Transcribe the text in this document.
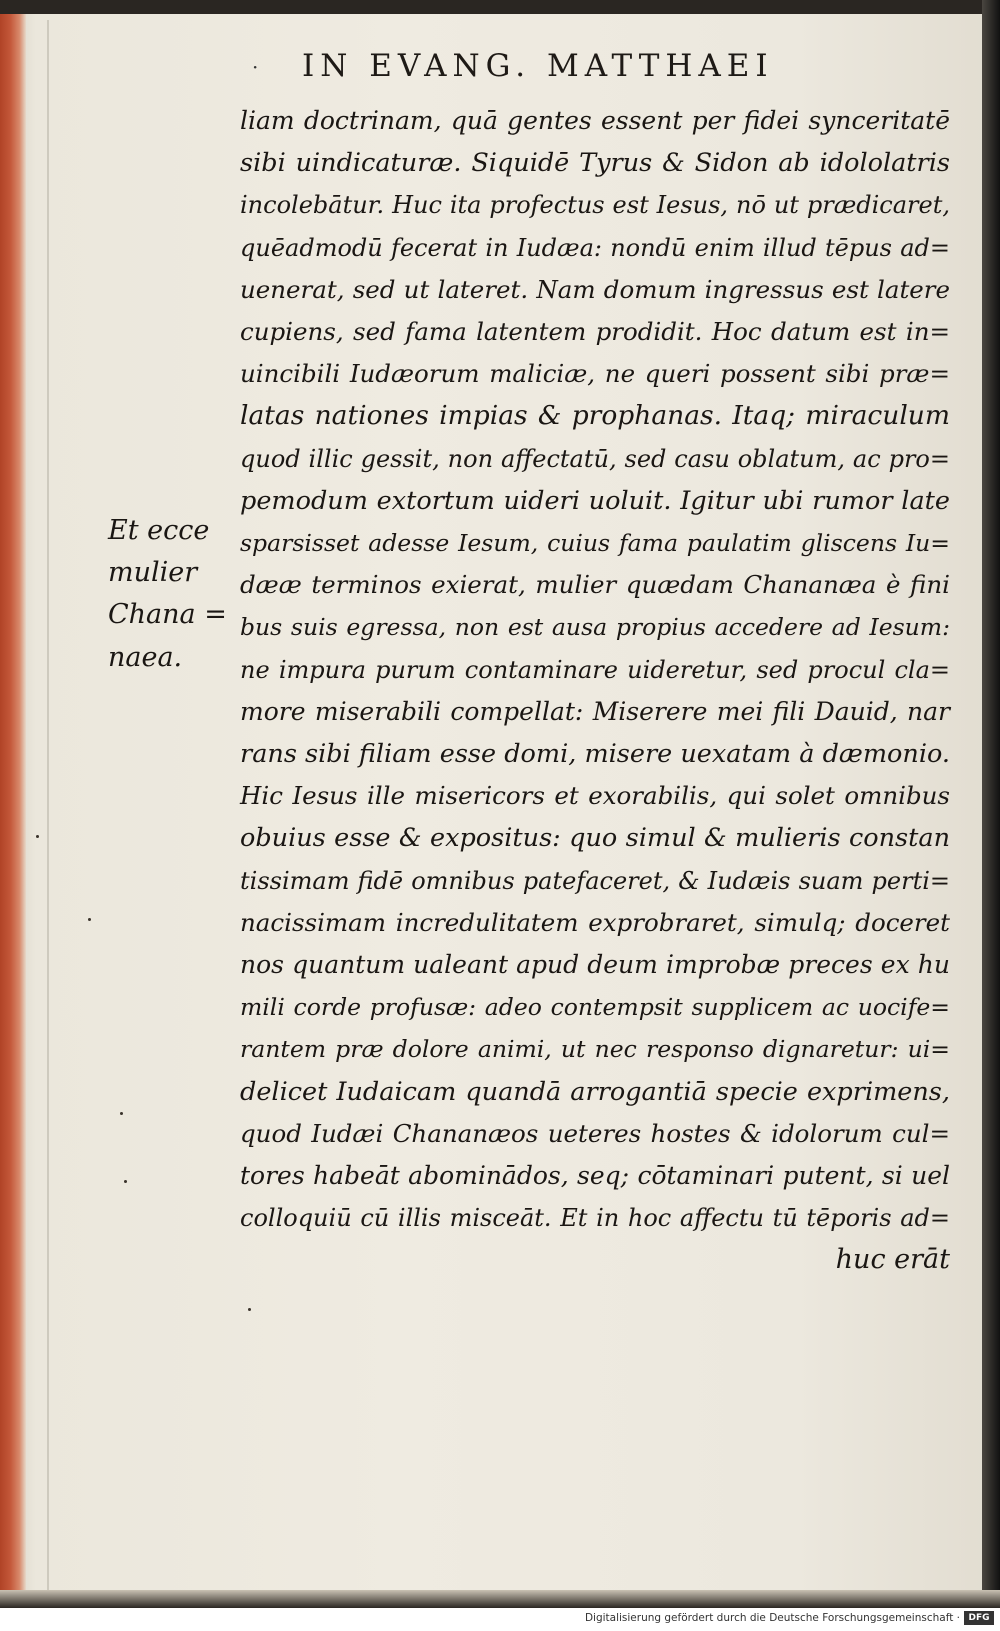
·	IN EVANG. MATTHAEI
Et ecce
mulier
Chana =
naea.
liam doctrinam, quā gentes essent per fidei synceritatē
sibi uindicaturæ. Siquidē Tyrus & Sidon ab idololatris
incolebātur. Huc ita profectus est Iesus, nō ut prædicaret,
quēadmodū fecerat in Iudæa: nondū enim illud tēpus ad=
uenerat, sed ut lateret. Nam domum ingressus est latere
cupiens, sed fama latentem prodidit. Hoc datum est in=
uincibili Iudæorum maliciæ, ne queri possent sibi præ=
latas nationes impias & prophanas. Itaq; miraculum
quod illic gessit, non affectatū, sed casu oblatum, ac pro=
pemodum extortum uideri uoluit. Igitur ubi rumor late
sparsisset adesse Iesum, cuius fama paulatim gliscens Iu=
dææ terminos exierat, mulier quædam Chananæa è fini
bus suis egressa, non est ausa propius accedere ad Iesum:
ne impura purum contaminare uideretur, sed procul cla=
more miserabili compellat: Miserere mei fili Dauid, nar
rans sibi filiam esse domi, misere uexatam à dæmonio.
Hic Iesus ille misericors et exorabilis, qui solet omnibus
obuius esse & expositus: quo simul & mulieris constan
tissimam fidē omnibus patefaceret, & Iudæis suam perti=
nacissimam incredulitatem exprobraret, simulq; doceret
nos quantum ualeant apud deum improbæ preces ex hu
mili corde profusæ: adeo contempsit supplicem ac uocife=
rantem præ dolore animi, ut nec responso dignaretur: ui=
delicet Iudaicam quandā arrogantiā specie exprimens,
quod Iudæi Chananæos ueteres hostes & idolorum cul=
tores habeāt abominādos, seq; cōtaminari putent, si uel
colloquiū cū illis misceāt. Et in hoc affectu tū tēporis ad=
huc erāt
Digitalisierung gefördert durch die Deutsche Forschungsgemeinschaft · DFG
